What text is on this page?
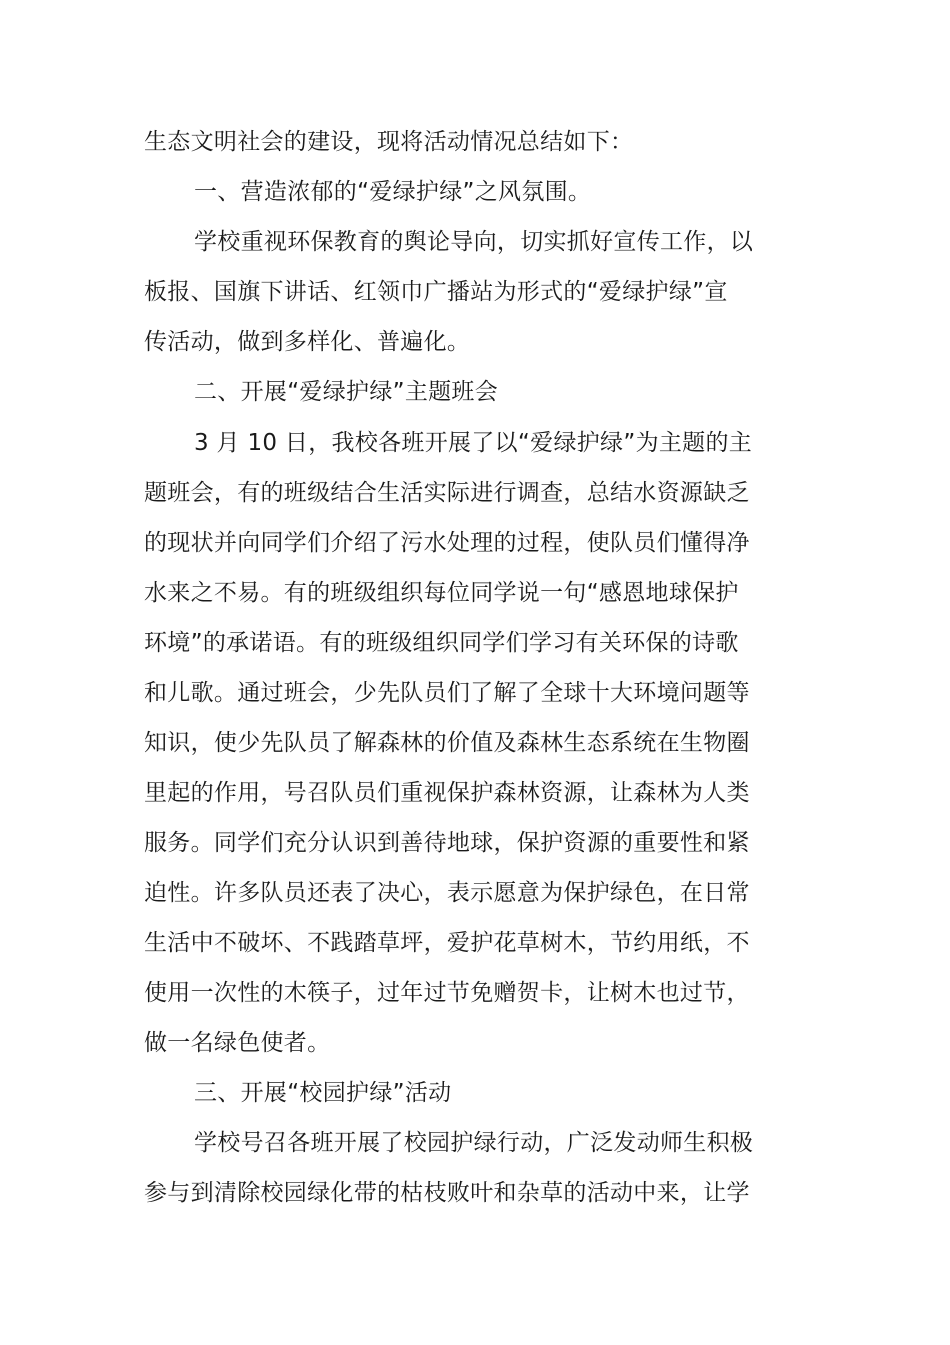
生态文明社会的建设，现将活动情况总结如下：

一、营造浓郁的“爱绿护绿”之风氛围。

学校重视环保教育的舆论导向，切实抓好宣传工作，以

板报、国旗下讲话、红领巾广播站为形式的“爱绿护绿”宣

传活动，做到多样化、普遍化。

二、开展“爱绿护绿”主题班会

3 月 10 日，我校各班开展了以“爱绿护绿”为主题的主

题班会，有的班级结合生活实际进行调查，总结水资源缺乏

的现状并向同学们介绍了污水处理的过程，使队员们懂得净

水来之不易。有的班级组织每位同学说一句“感恩地球保护

环境”的承诺语。有的班级组织同学们学习有关环保的诗歌

和儿歌。通过班会，少先队员们了解了全球十大环境问题等

知识，使少先队员了解森林的价值及森林生态系统在生物圈

里起的作用，号召队员们重视保护森林资源，让森林为人类

服务。同学们充分认识到善待地球，保护资源的重要性和紧

迫性。许多队员还表了决心，表示愿意为保护绿色，在日常

生活中不破坏、不践踏草坪，爱护花草树木，节约用纸，不

使用一次性的木筷子，过年过节免赠贺卡，让树木也过节，

做一名绿色使者。

三、开展“校园护绿”活动

学校号召各班开展了校园护绿行动，广泛发动师生积极

参与到清除校园绿化带的枯枝败叶和杂草的活动中来，让学
